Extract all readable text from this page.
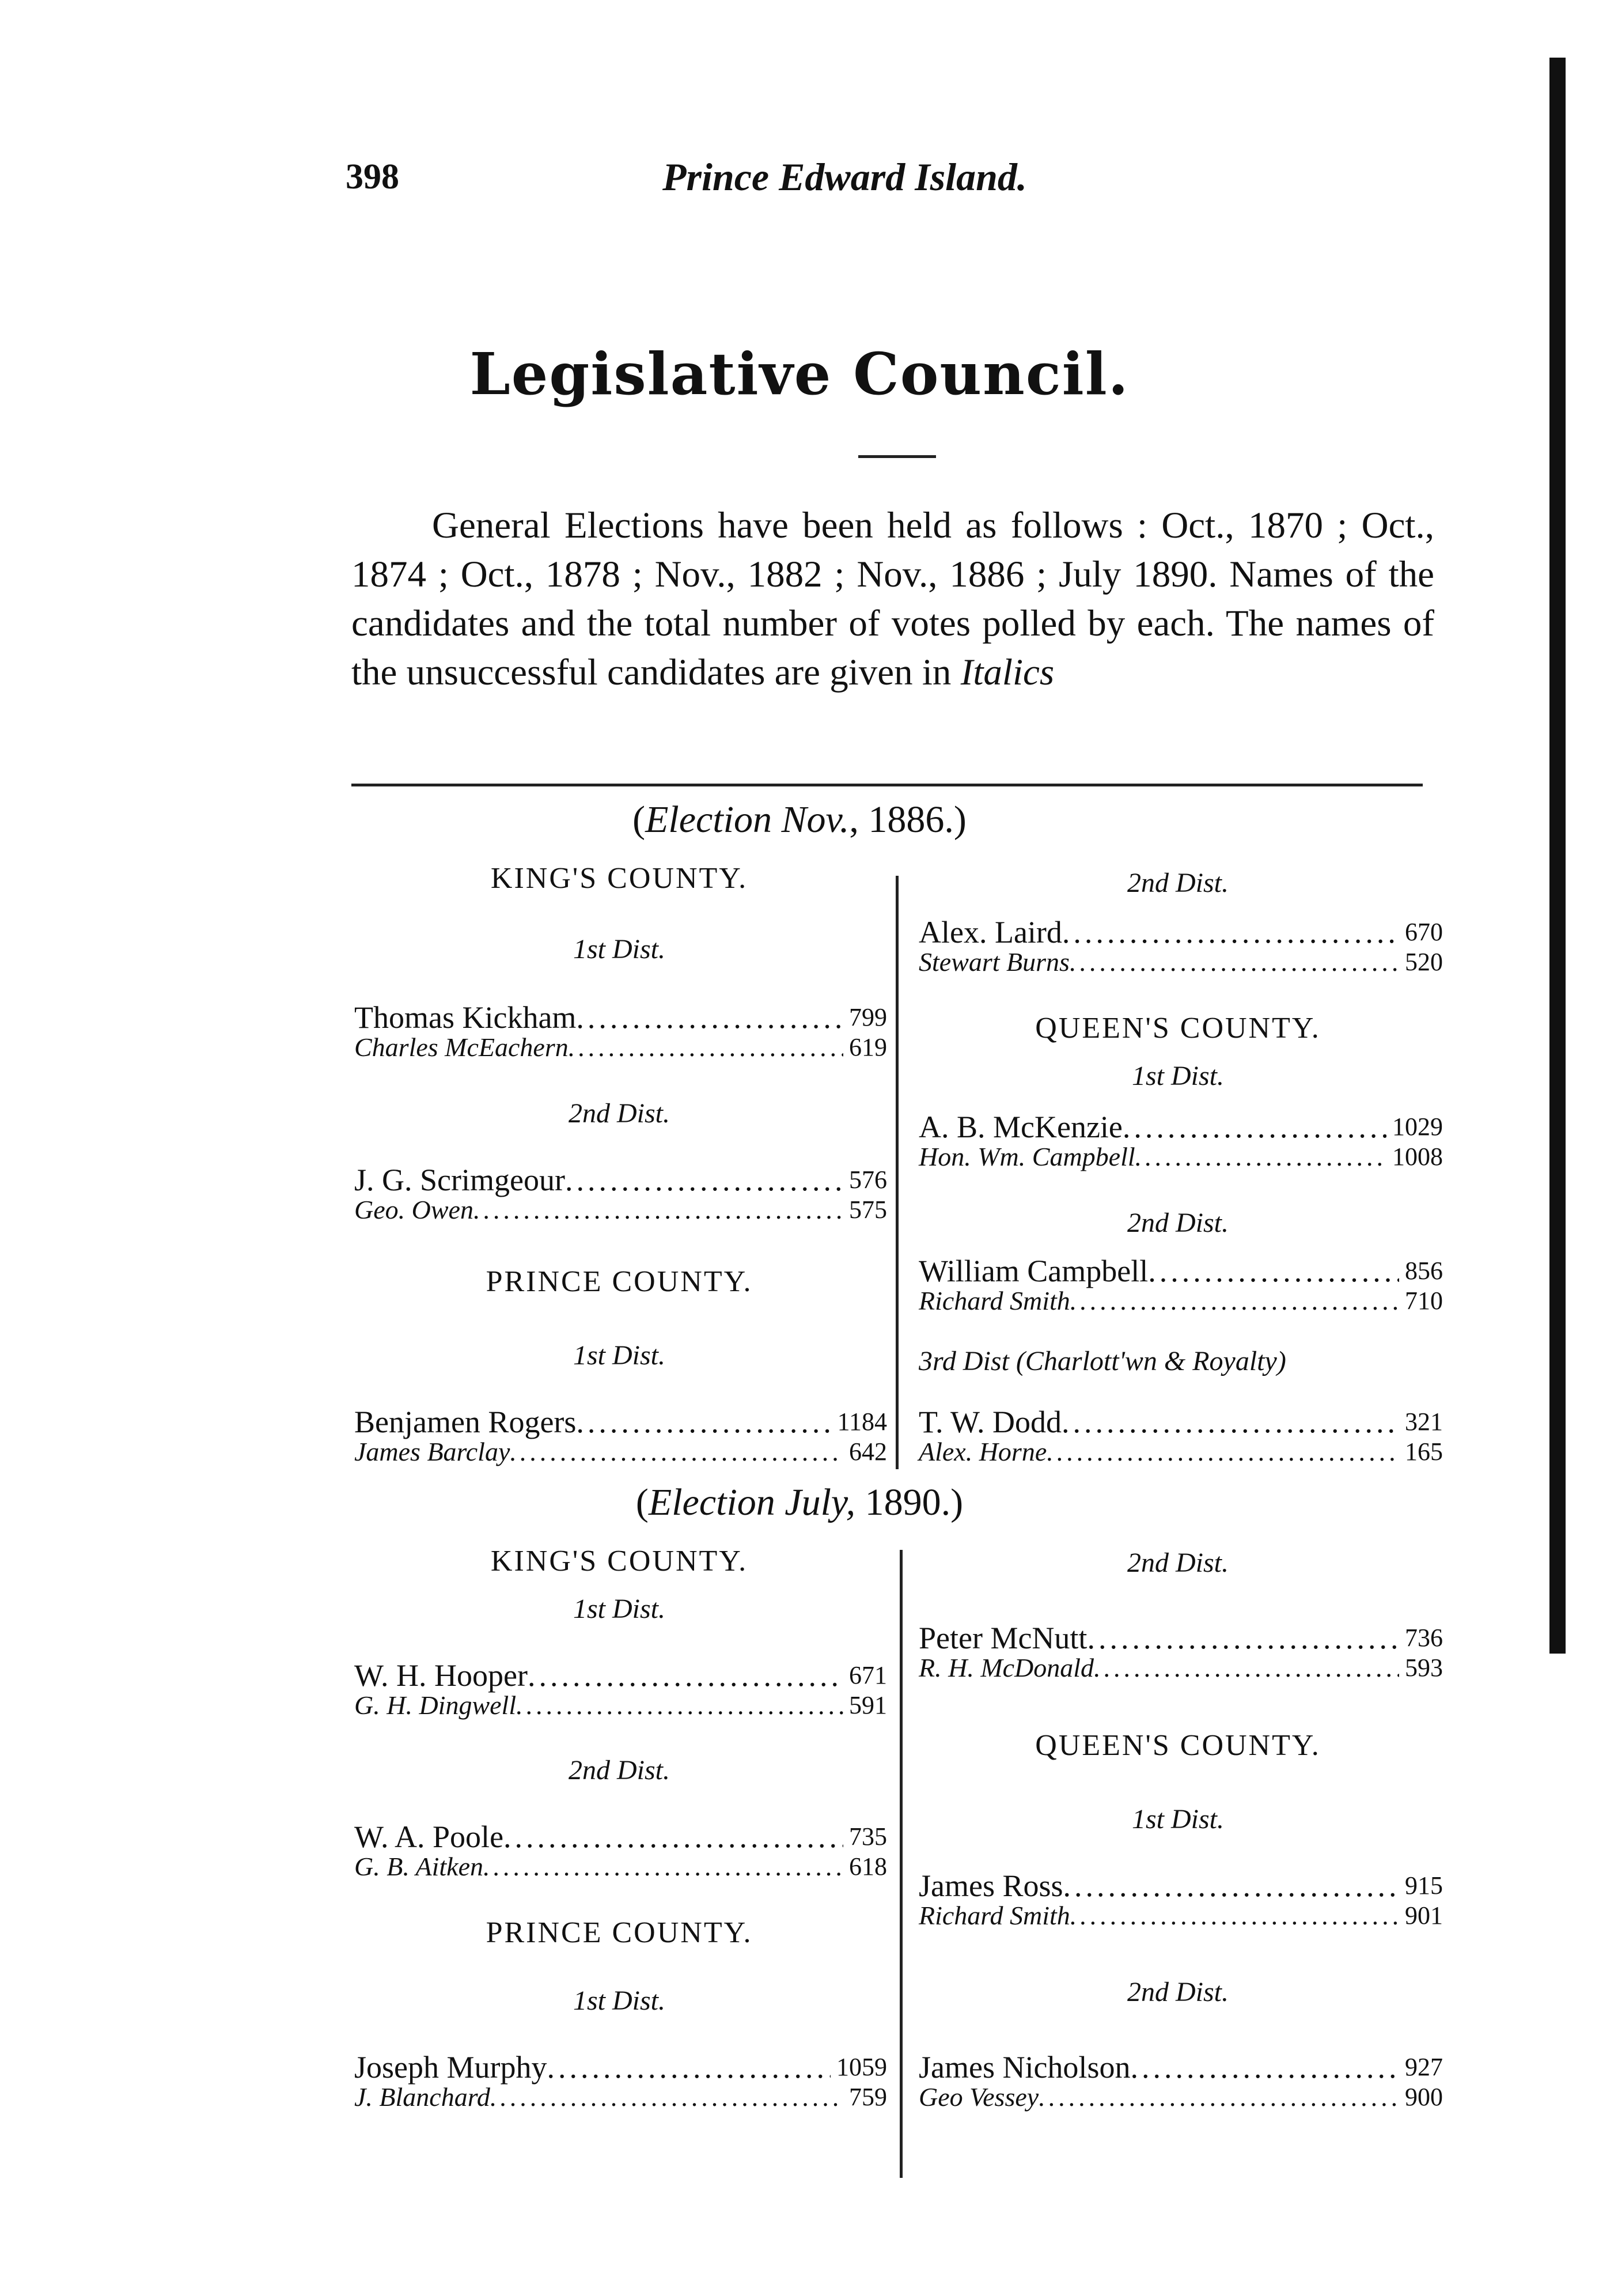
398	Prince Edward Island.
Legislative Council.

General Elections have been held as follows : Oct., 1870 ; Oct., 1874 ; Oct., 1878 ; Nov., 1882 ; Nov., 1886 ; July 1890. Names of the candidates and the total number of votes polled by each. The names of the unsuccessful candidates are given in Italics

(Election Nov., 1886.)
KING'S COUNTY.
1st Dist.
Thomas Kickham .....	799
Charles McEachern .....	619
2nd Dist.
J. G. Scrimgeour .....	576
Geo. Owen .....	575
PRINCE COUNTY.
1st Dist.
Benjamen Rogers .....	1184
James Barclay .....	642
2nd Dist.
Alex. Laird .....	670
Stewart Burns .....	520
QUEEN'S COUNTY.
1st Dist.
A. B. McKenzie .....	1029
Hon. Wm. Campbell .....	1008
2nd Dist.
William Campbell .....	856
Richard Smith .....	710
3rd Dist (Charlott'wn & Royalty)
T. W. Dodd .....	321
Alex. Horne .....	165
(Election July, 1890.)
KING'S COUNTY.
1st Dist.
W. H. Hooper .....	671
G. H. Dingwell .....	591
2nd Dist.
W. A. Poole .....	735
G. B. Aitken .....	618
PRINCE COUNTY.
1st Dist.
Joseph Murphy .....	1059
J. Blanchard .....	759
2nd Dist.
Peter McNutt .....	736
R. H. McDonald .....	593
QUEEN'S COUNTY.
1st Dist.
James Ross .....	915
Richard Smith .....	901
2nd Dist.
James Nicholson .....	927
Geo Vessey .....	900
